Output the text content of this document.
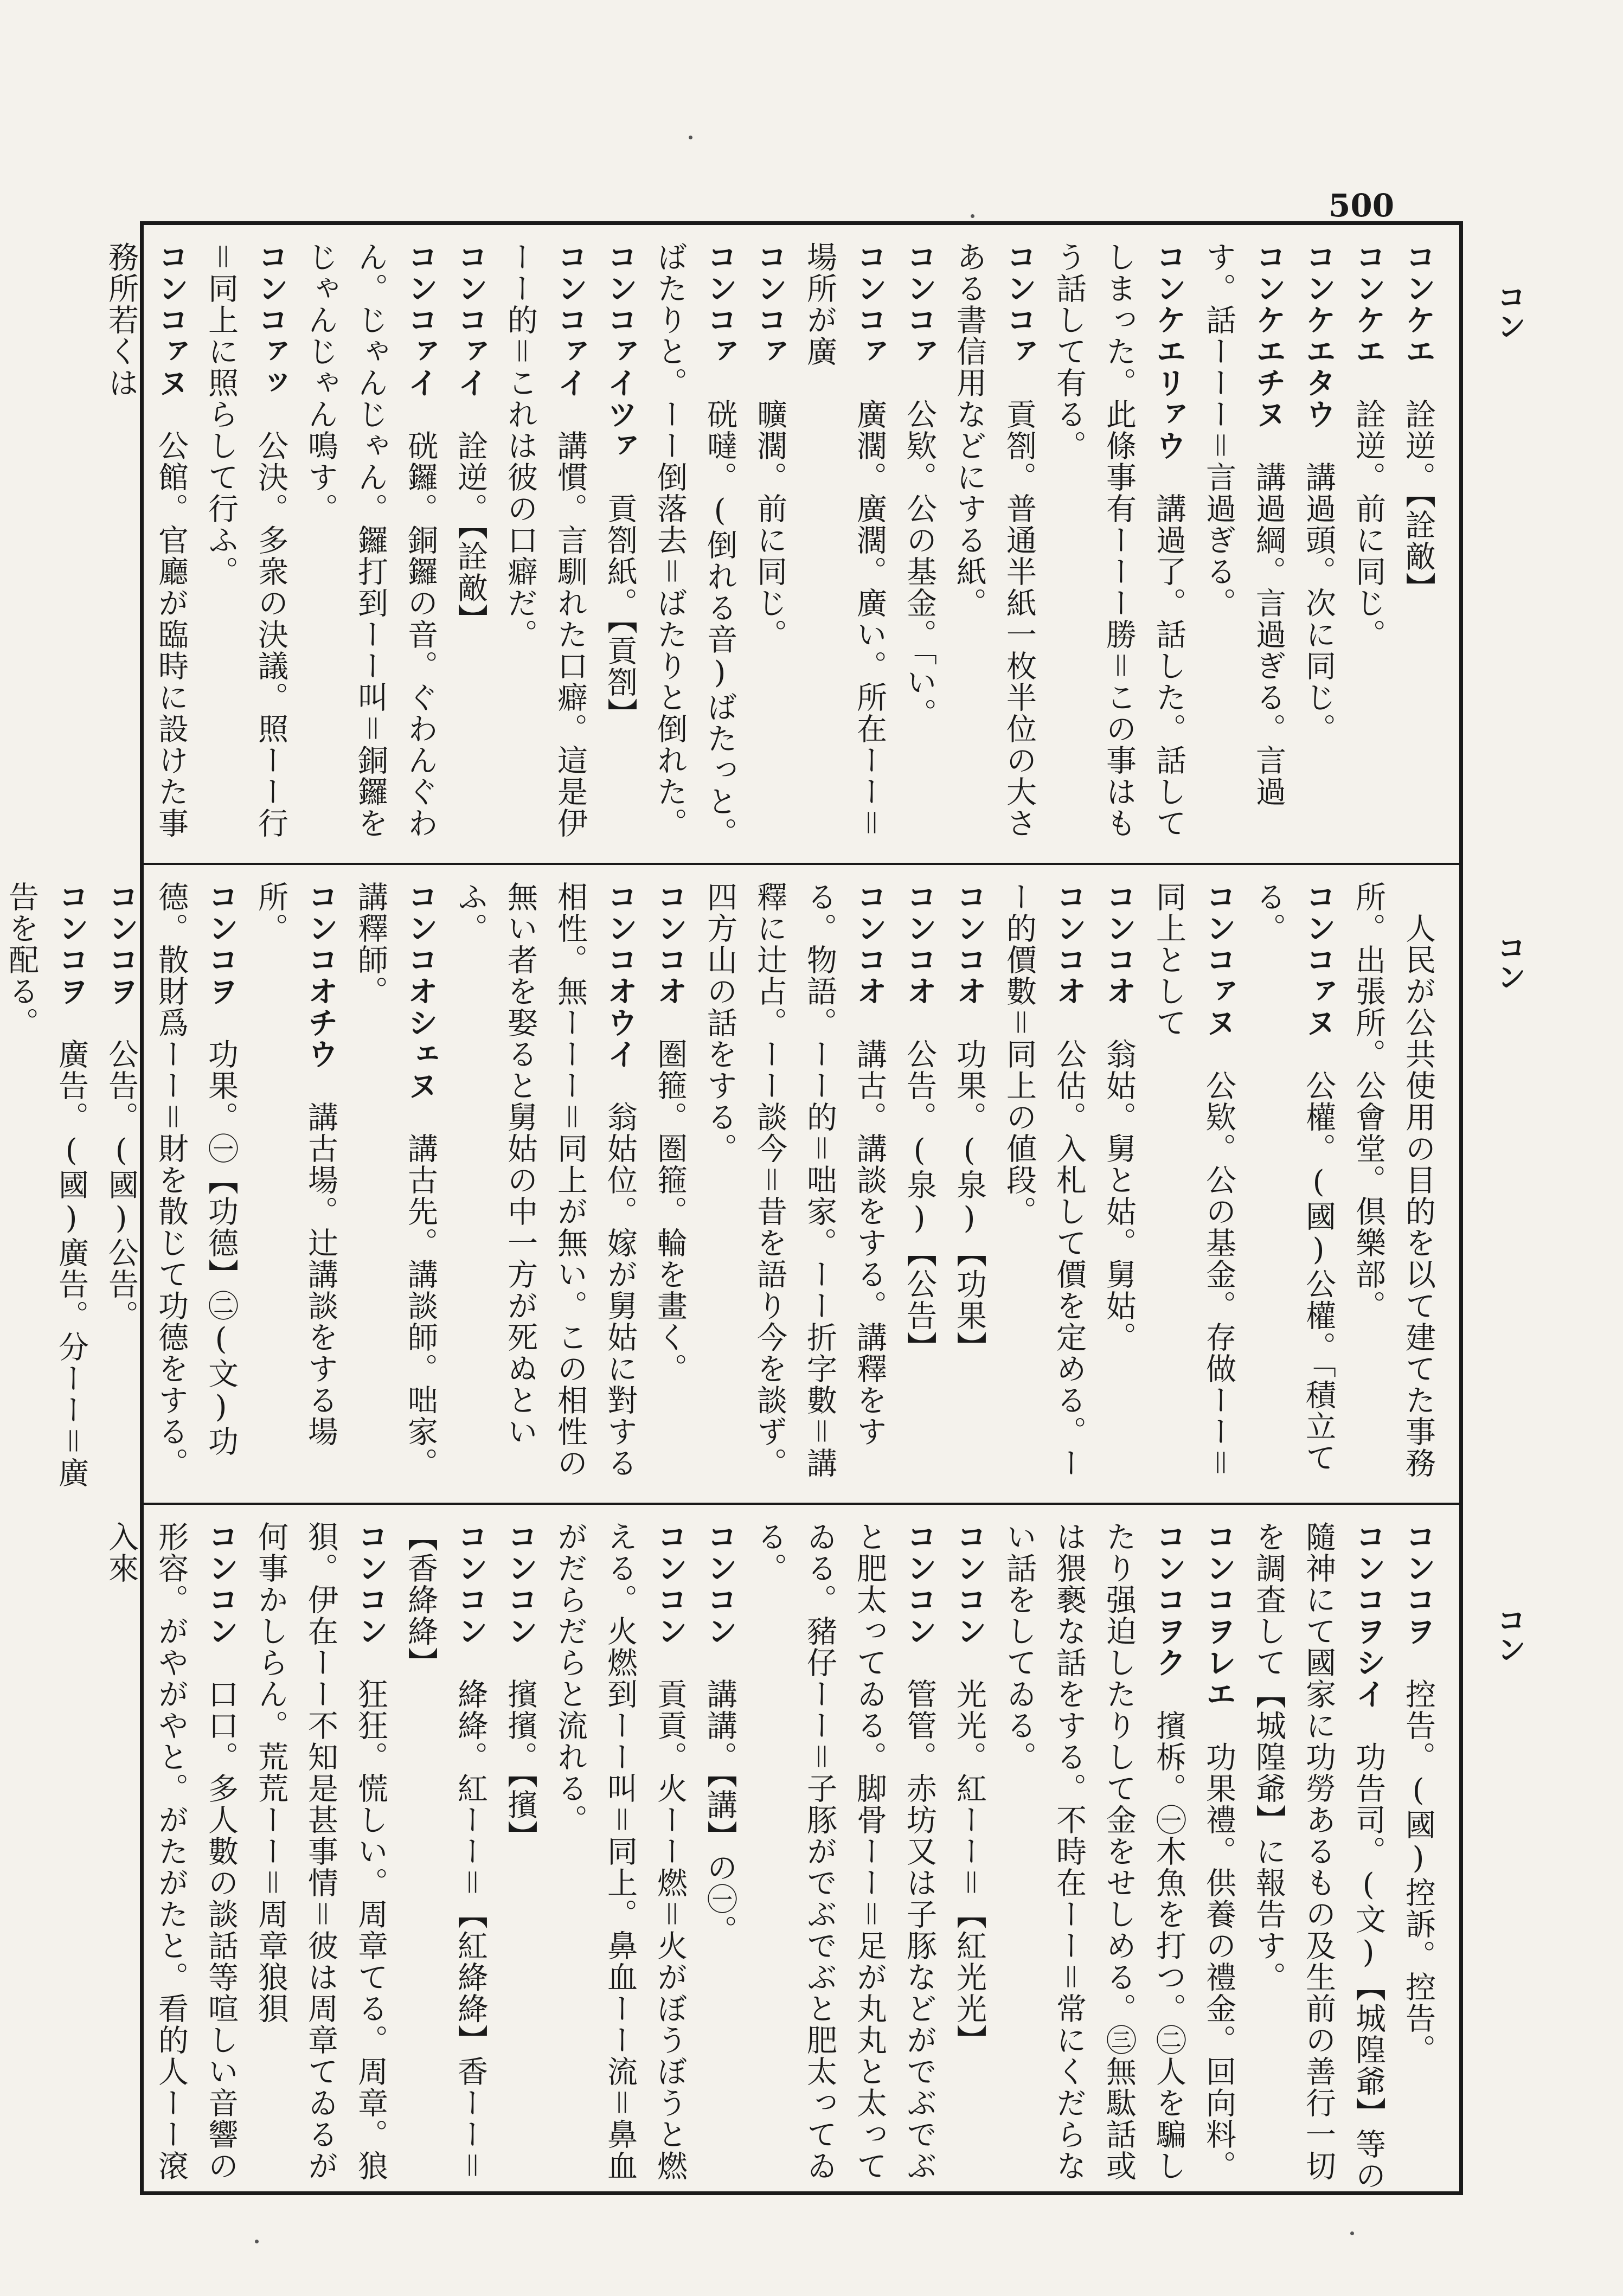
500
コン
コン
コン
コンケエ　詮逆。【詮敵】
コンケエ　詮逆。前に同じ。
コンケエタウ　講過頭。次に同じ。
コンケエチヌ　講過綱。言過ぎる。言過す。話ーーー＝言過ぎる。
コンケエリァウ　講過了。話した。話してしまった。此條事有ーーー勝＝この事はもう話して有る。
コンコァ　貢劄。普通半紙一枚半位の大さある書信用などにする紙。
コンコァ　公欵。公の基金。「い。
コンコァ　廣濶。廣濶。廣い。所在ーー＝場所が廣
コンコァ　曠濶。前に同じ。
コンコァ　硄噠。(倒れる音)ばたっと。ばたりと。ーー倒落去＝ばたりと倒れた。
コンコァイツァ　貢劄紙。【貢劄】
コンコァイ　講慣。言馴れた口癖。這是伊ーー的＝これは彼の口癖だ。
コンコァイ　詮逆。【詮敵】
コンコァイ　硄鑼。銅鑼の音。ぐわんぐわん。じゃんじゃん。鑼打到ーー叫＝銅鑼をじゃんじゃん鳴す。
コンコァッ　公決。多衆の決議。照ーー行＝同上に照らして行ふ。
コンコァヌ　公館。官廳が臨時に設けた事務所若くは
　人民が公共使用の目的を以て建てた事務所。出張所。公會堂。倶樂部。
コンコァヌ　公權。(國)公權。「積立てる。
コンコァヌ　公欵。公の基金。存做ーー＝同上として
コンコオ　翁姑。舅と姑。舅姑。
コンコオ　公估。入札して價を定める。ーー的價數＝同上の値段。
コンコオ　功果。(泉)【功果】
コンコオ　公告。(泉)【公告】
コンコオ　講古。講談をする。講釋をする。物語。ーー的＝咄家。ーー折字數＝講釋に辻占。ーー談今＝昔を語り今を談ず。四方山の話をする。
コンコオ　圏箍。圏箍。輪を畫く。
コンコオウイ　翁姑位。嫁が舅姑に對する相性。無ーーー＝同上が無い。この相性の無い者を娶ると舅姑の中一方が死ぬといふ。
コンコオシェヌ　講古先。講談師。咄家。講釋師。
コンコオチウ　講古場。辻講談をする場所。
コンコヲ　功果。㊀【功德】㊁(文)功德。散財爲ーー＝財を散じて功德をする。
コンコヲ　公告。(國)公告。
コンコヲ　廣告。(國)廣告。分ーー＝廣告を配る。

コンコヲ　控告。(國)控訴。控告。
コンコヲシイ　功告司。(文)【城隍爺】等の隨神にて國家に功勞あるもの及生前の善行一切を調査して【城隍爺】に報告す。
コンコヲレエ　功果禮。供養の禮金。回向料。
コンコヲク　擯柝。㊀木魚を打つ。㊁人を騙したり强迫したりして金をせしめる。㊂無駄話或は猥褻な話をする。不時在ーー＝常にくだらない話をしてゐる。
コンコン　光光。紅ーー＝【紅光光】
コンコン　管管。赤坊又は子豚などがでぶでぶと肥太ってゐる。脚骨ーー＝足が丸丸と太ってゐる。豬仔ーー＝子豚がでぶでぶと肥太ってゐる。
コンコン　講講。【講】の㊀。
コンコン　貢貢。火ーー燃＝火がぼうぼうと燃える。火燃到ーー叫＝同上。鼻血ーー流＝鼻血がだらだらと流れる。
コンコン　擯擯。【擯】
コンコン　絳絳。紅ーー＝【紅絳絳】香ーー＝【香絳絳】
コンコン　狂狂。慌しい。周章てる。周章。狼狽。伊在ーー不知是甚事情＝彼は周章てゐるが何事かしらん。荒荒ーー＝周章狼狽
コンコン　口口。多人數の談話等喧しい音響の形容。がやがやと。がたがたと。看的人ーー滾入來
